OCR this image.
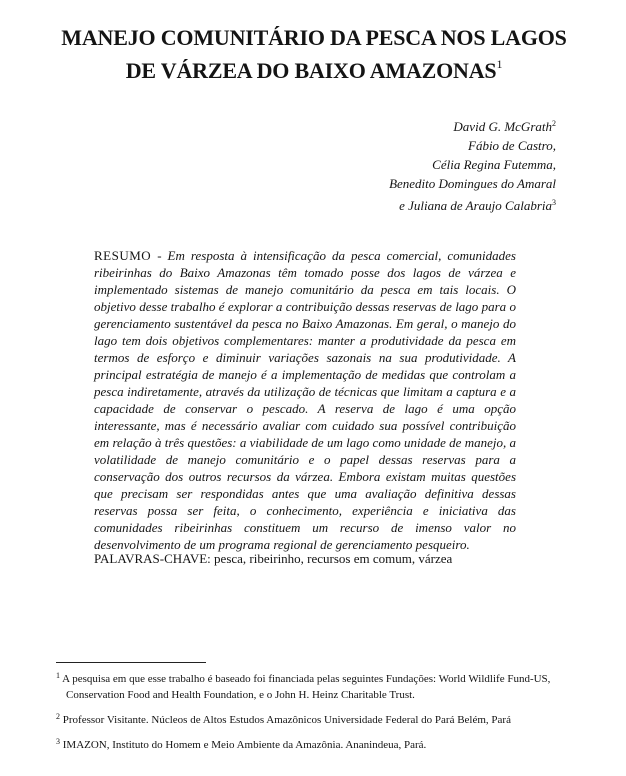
MANEJO COMUNITÁRIO DA PESCA NOS LAGOS
DE VÁRZEA DO BAIXO AMAZONAS$^1$
David G. McGrath$^2$
Fábio de Castro,
Célia Regina Futemma,
Benedito Domingues do Amaral
e Juliana de Araujo Calabria$^3$
RESUMO - Em resposta à intensificação da pesca comercial, comunidades ribeirinhas do Baixo Amazonas têm tomado posse dos lagos de várzea e implementado sistemas de manejo comunitário da pesca em tais locais. O objetivo desse trabalho é explorar a contribuição dessas reservas de lago para o gerenciamento sustentável da pesca no Baixo Amazonas. Em geral, o manejo do lago tem dois objetivos complementares: manter a produtividade da pesca em termos de esforço e diminuir variações sazonais na sua produtividade. A principal estratégia de manejo é a implementação de medidas que controlam a pesca indiretamente, através da utilização de técnicas que limitam a captura e a capacidade de conservar o pescado. A reserva de lago é uma opção interessante, mas é necessário avaliar com cuidado sua possível contribuição em relação à três questões: a viabilidade de um lago como unidade de manejo, a volatilidade de manejo comunitário e o papel dessas reservas para a conservação dos outros recursos da várzea. Embora existam muitas questões que precisam ser respondidas antes que uma avaliação definitiva dessas reservas possa ser feita, o conhecimento, experiência e iniciativa das comunidades ribeirinhas constituem um recurso de imenso valor no desenvolvimento de um programa regional de gerenciamento pesqueiro.
PALAVRAS-CHAVE: pesca, ribeirinho, recursos em comum, várzea
$^1$ A pesquisa em que esse trabalho é baseado foi financiada pelas seguintes Fundações: World Wildlife Fund-US, Conservation Food and Health Foundation, e o John H. Heinz Charitable Trust.
$^2$ Professor Visitante. Núcleos de Altos Estudos Amazônicos Universidade Federal do Pará Belém, Pará
$^3$ IMAZON, Instituto do Homem e Meio Ambiente da Amazônia. Ananindeua, Pará.
